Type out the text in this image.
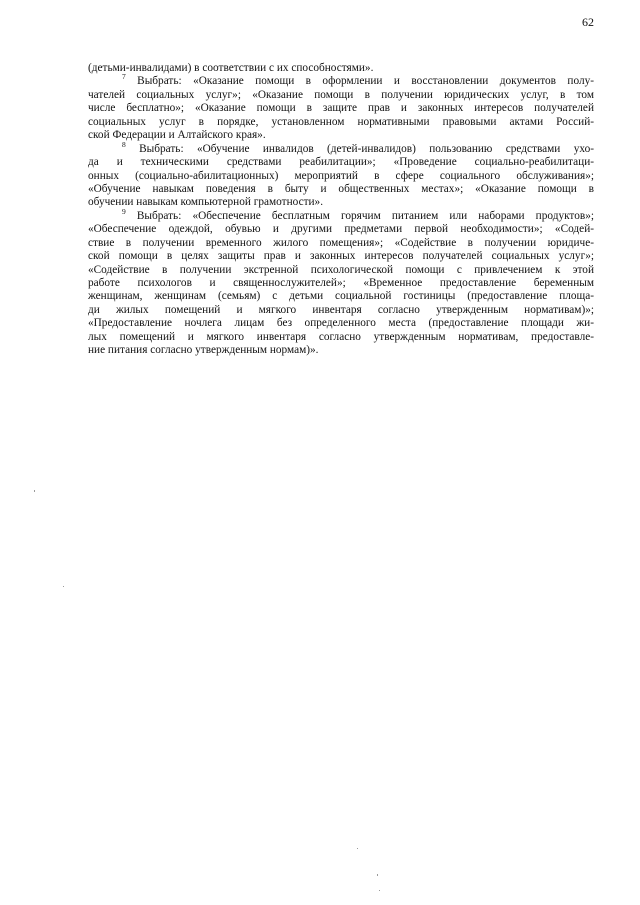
62
(детьми-инвалидами) в соответствии с их способностями».
$^7$ Выбрать: «Оказание помощи в оформлении и восстановлении документов полу-
чателей социальных услуг»; «Оказание помощи в получении юридических услуг, в том
числе бесплатно»; «Оказание помощи в защите прав и законных интересов получателей
социальных услуг в порядке, установленном нормативными правовыми актами Россий-
ской Федерации и Алтайского края».
$^8$ Выбрать: «Обучение инвалидов (детей-инвалидов) пользованию средствами ухо-
да и техническими средствами реабилитации»; «Проведение социально-реабилитаци-
онных (социально-абилитационных) мероприятий в сфере социального обслуживания»;
«Обучение навыкам поведения в быту и общественных местах»; «Оказание помощи в
обучении навыкам компьютерной грамотности».
$^9$ Выбрать: «Обеспечение бесплатным горячим питанием или наборами продуктов»;
«Обеспечение одеждой, обувью и другими предметами первой необходимости»; «Содей-
ствие в получении временного жилого помещения»; «Содействие в получении юридиче-
ской помощи в целях защиты прав и законных интересов получателей социальных услуг»;
«Содействие в получении экстренной психологической помощи с привлечением к этой
работе психологов и священнослужителей»; «Временное предоставление беременным
женщинам, женщинам (семьям) с детьми социальной гостиницы (предоставление площа-
ди жилых помещений и мягкого инвентаря согласно утвержденным нормативам)»;
«Предоставление ночлега лицам без определенного места (предоставление площади жи-
лых помещений и мягкого инвентаря согласно утвержденным нормативам, предоставле-
ние питания согласно утвержденным нормам)».
